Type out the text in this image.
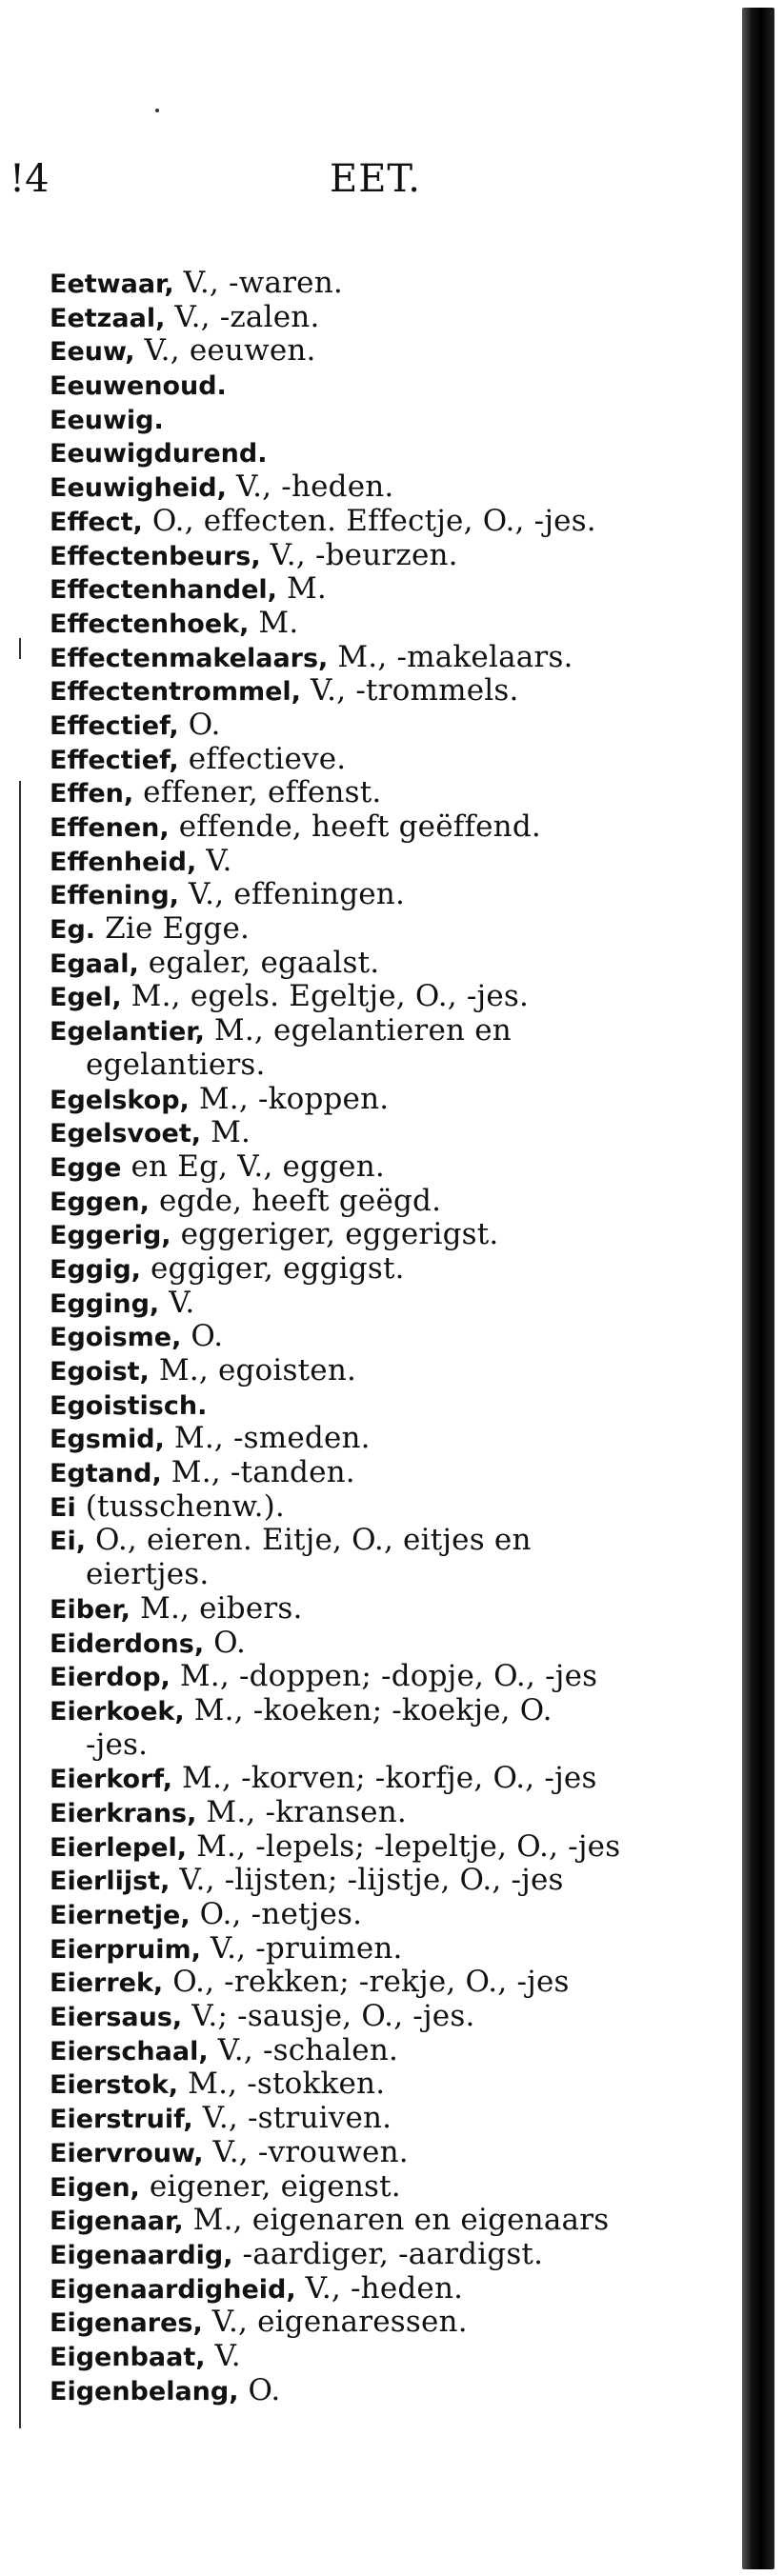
!4	EET.
Eetwaar, V., -waren.
Eetzaal, V., -zalen.
Eeuw, V., eeuwen.
Eeuwenoud.
Eeuwig.
Eeuwigdurend.
Eeuwigheid, V., -heden.
Effect, O., effecten. Effectje, O., -jes.
Effectenbeurs, V., -beurzen.
Effectenhandel, M.
Effectenhoek, M.
Effectenmakelaars, M., -makelaars.
Effectentrommel, V., -trommels.
Effectief, O.
Effectief, effectieve.
Effen, effener, effenst.
Effenen, effende, heeft geëffend.
Effenheid, V.
Effening, V., effeningen.
Eg. Zie Egge.
Egaal, egaler, egaalst.
Egel, M., egels. Egeltje, O., -jes.
Egelantier, M., egelantieren en
egelantiers.
Egelskop, M., -koppen.
Egelsvoet, M.
Egge en Eg, V., eggen.
Eggen, egde, heeft geëgd.
Eggerig, eggeriger, eggerigst.
Eggig, eggiger, eggigst.
Egging, V.
Egoisme, O.
Egoist, M., egoisten.
Egoistisch.
Egsmid, M., -smeden.
Egtand, M., -tanden.
Ei (tusschenw.).
Ei, O., eieren. Eitje, O., eitjes en
eiertjes.
Eiber, M., eibers.
Eiderdons, O.
Eierdop, M., -doppen; -dopje, O., -jes
Eierkoek, M., -koeken; -koekje, O.
-jes.
Eierkorf, M., -korven; -korfje, O., -jes
Eierkrans, M., -kransen.
Eierlepel, M., -lepels; -lepeltje, O., -jes
Eierlijst, V., -lijsten; -lijstje, O., -jes
Eiernetje, O., -netjes.
Eierpruim, V., -pruimen.
Eierrek, O., -rekken; -rekje, O., -jes
Eiersaus, V.; -sausje, O., -jes.
Eierschaal, V., -schalen.
Eierstok, M., -stokken.
Eierstruif, V., -struiven.
Eiervrouw, V., -vrouwen.
Eigen, eigener, eigenst.
Eigenaar, M., eigenaren en eigenaars
Eigenaardig, -aardiger, -aardigst.
Eigenaardigheid, V., -heden.
Eigenares, V., eigenaressen.
Eigenbaat, V.
Eigenbelang, O.
